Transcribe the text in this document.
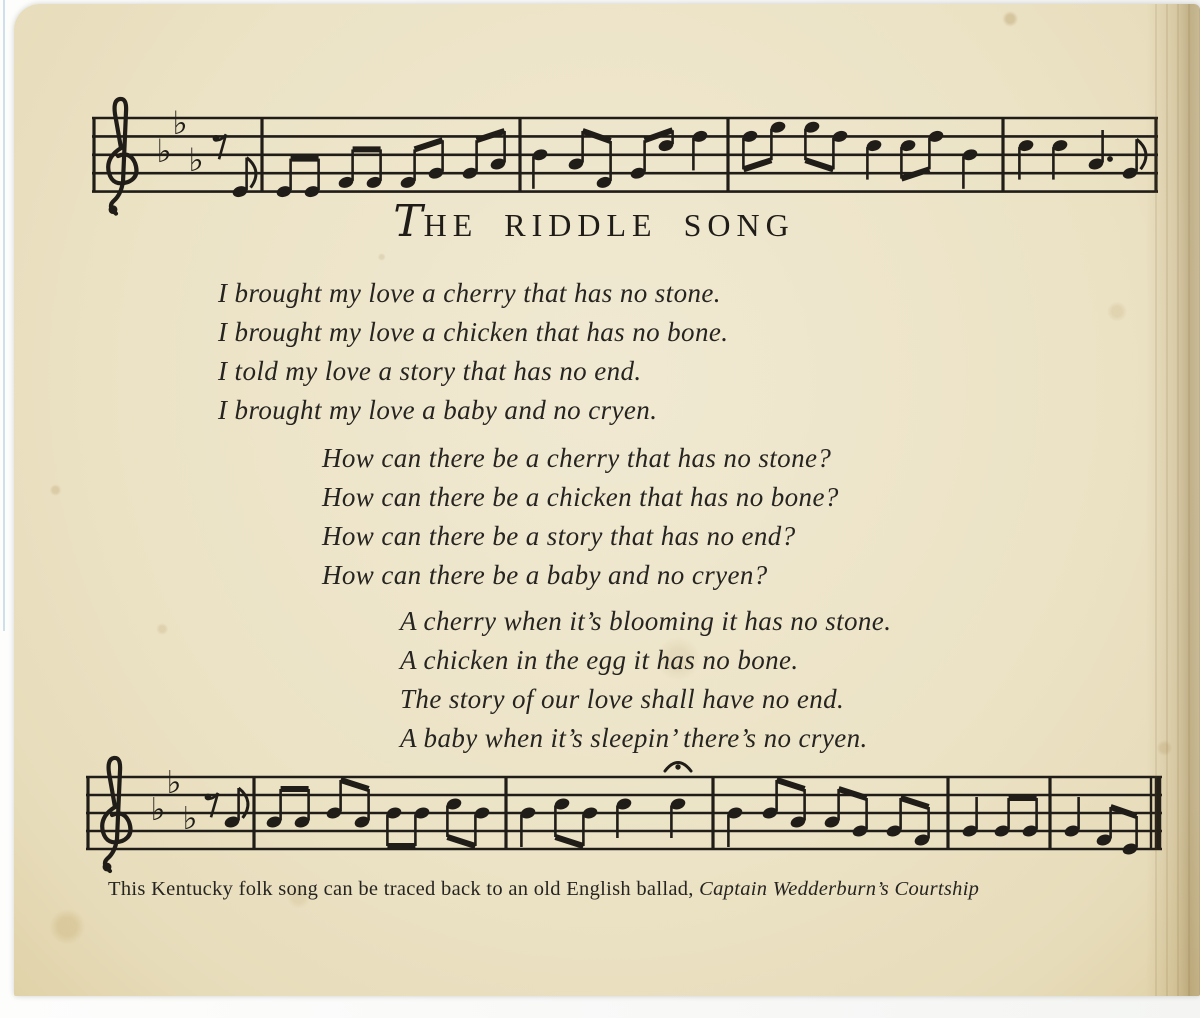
♭
♭
♭
THE RIDDLE SONG
I brought my love a cherry that has no stone.
I brought my love a chicken that has no bone.
I told my love a story that has no end.
I brought my love a baby and no cryen.
How can there be a cherry that has no stone?
How can there be a chicken that has no bone?
How can there be a story that has no end?
How can there be a baby and no cryen?
A cherry when it’s blooming it has no stone.
A chicken in the egg it has no bone.
The story of our love shall have no end.
A baby when it’s sleepin’ there’s no cryen.
♭
♭
♭

This Kentucky folk song can be traced back to an old English ballad, Captain Wedderburn’s Courtship
